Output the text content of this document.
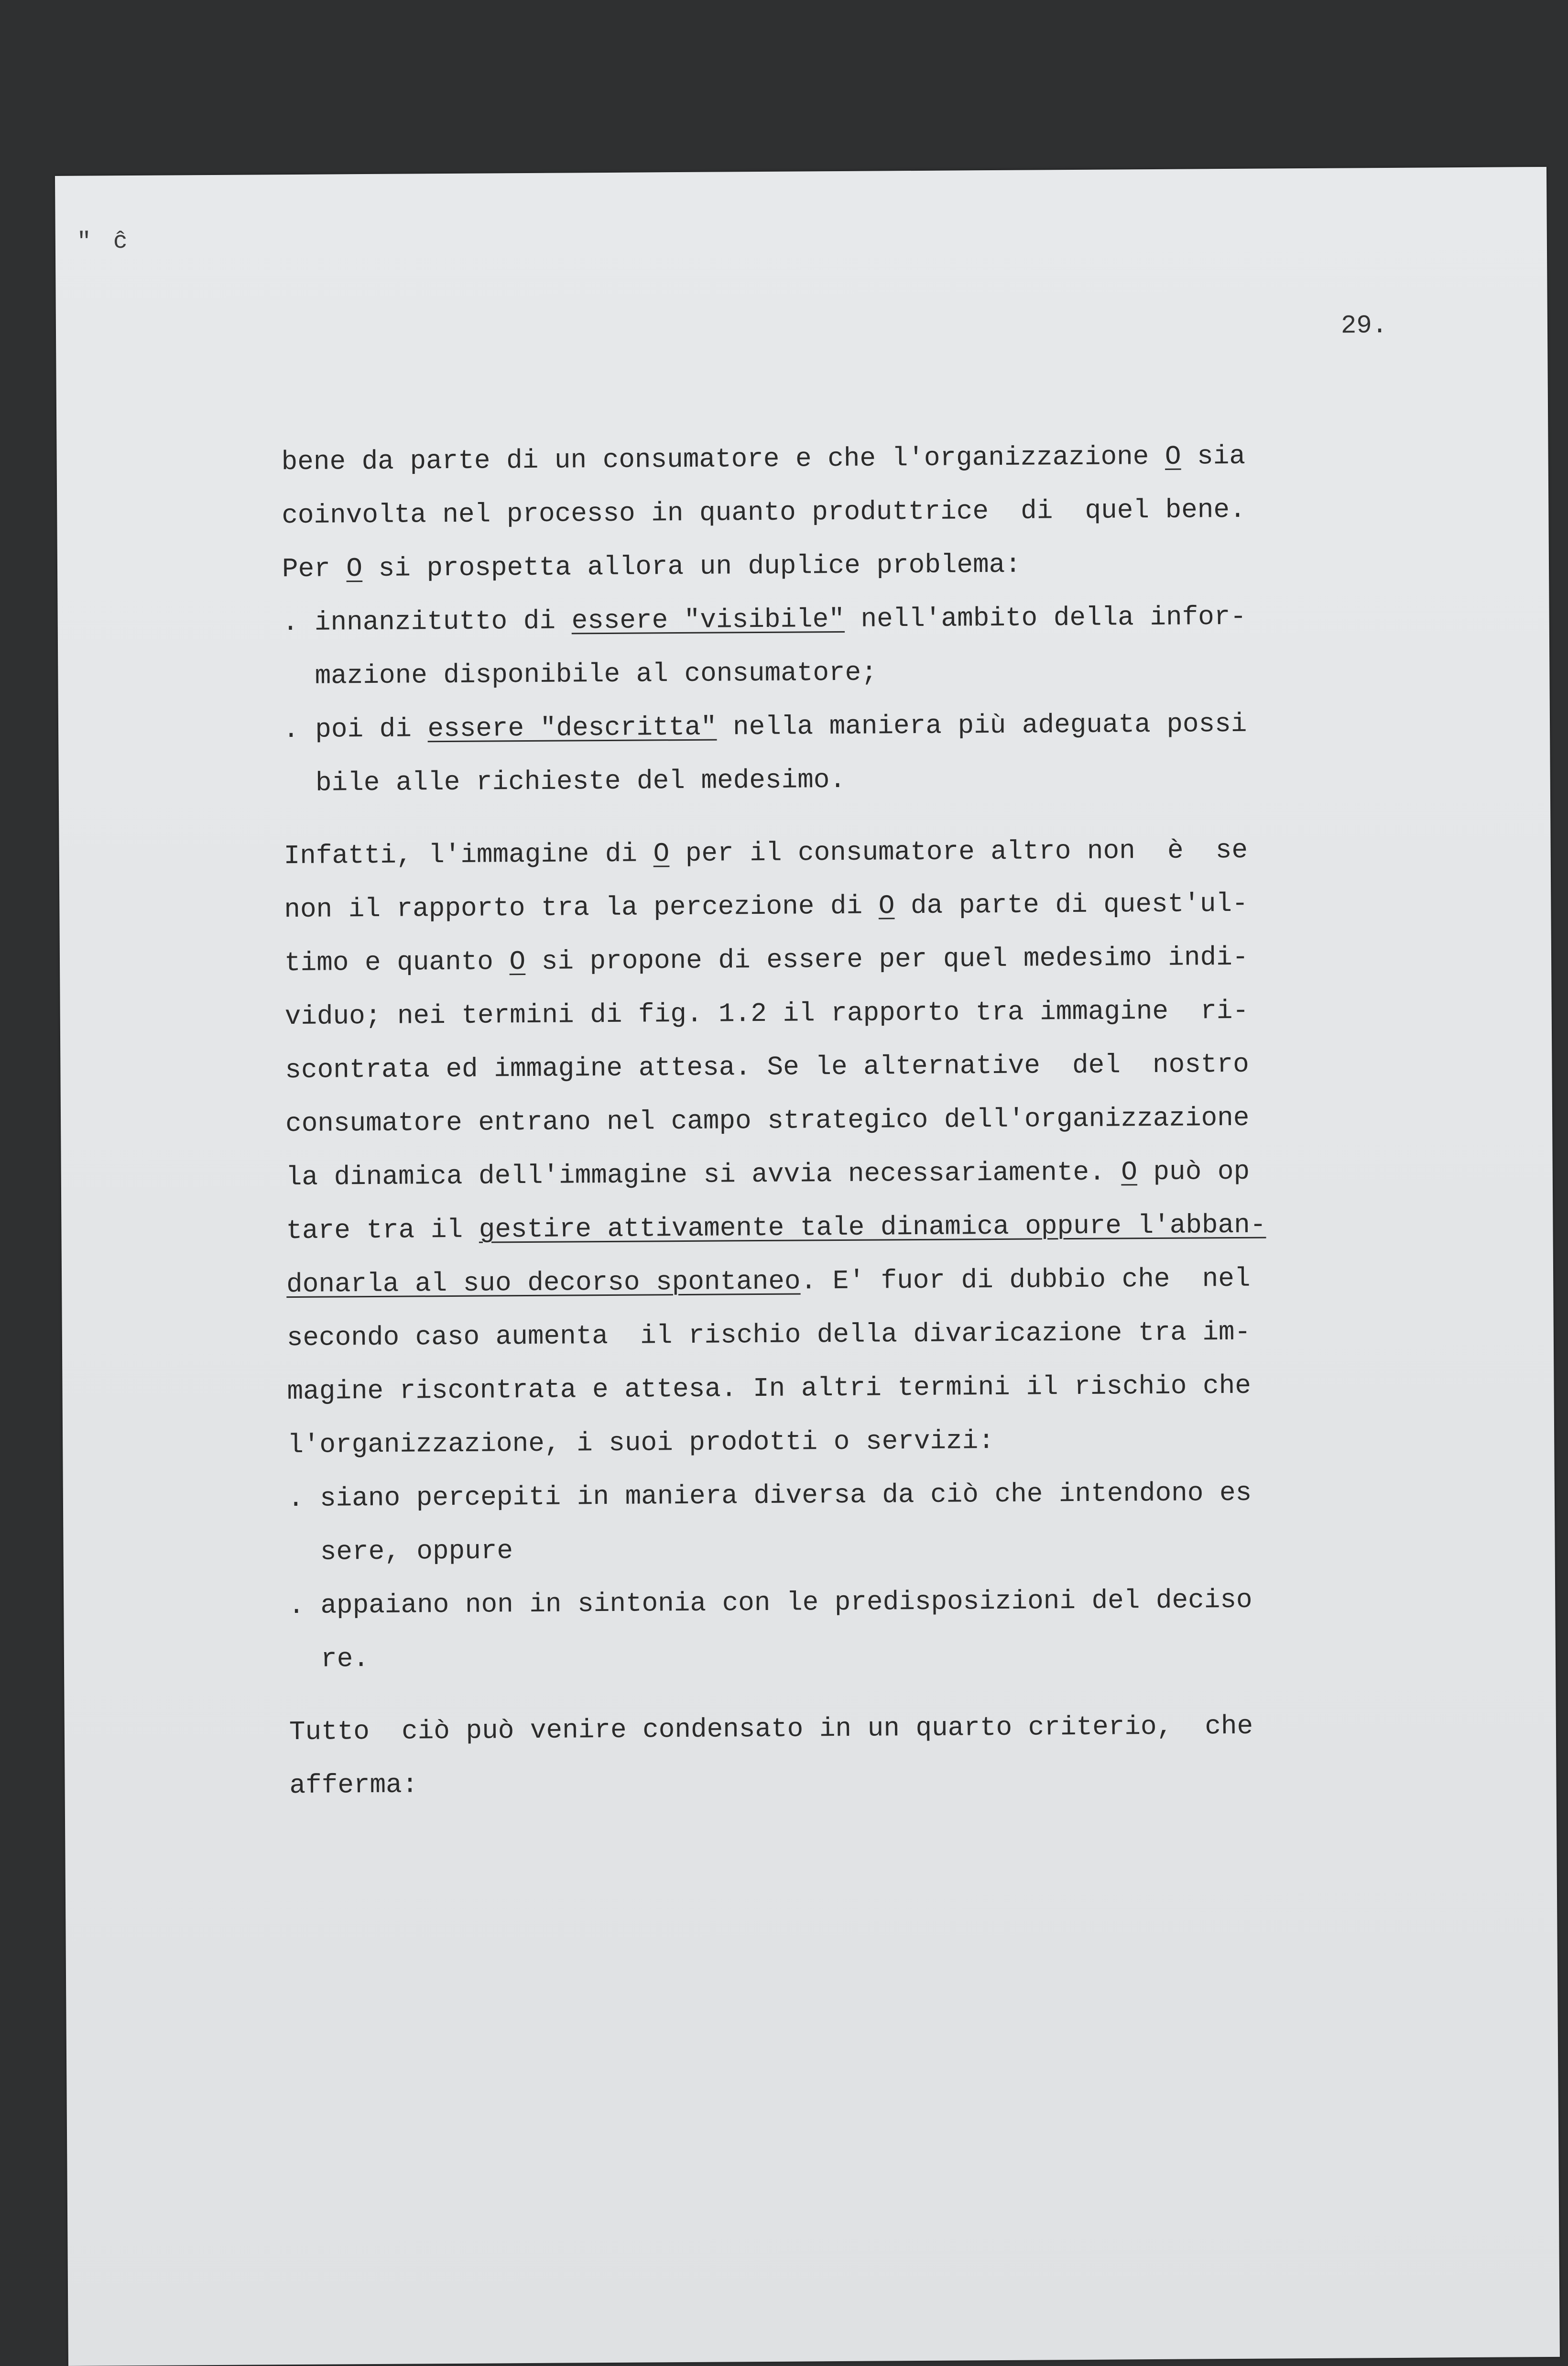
″ ĉ
29.
bene da parte di un consumatore e che l'organizzazione O sia
coinvolta nel processo in quanto produttrice  di  quel bene.
Per O si prospetta allora un duplice problema:
. innanzitutto di essere "visibile" nell'ambito della infor-
mazione disponibile al consumatore;
. poi di essere "descritta" nella maniera più adeguata possi
bile alle richieste del medesimo.
Infatti, l'immagine di O per il consumatore altro non  è  se
non il rapporto tra la percezione di O da parte di quest'ul-
timo e quanto O si propone di essere per quel medesimo indi-
viduo; nei termini di fig. 1.2 il rapporto tra immagine  ri-
scontrata ed immagine attesa. Se le alternative  del  nostro
consumatore entrano nel campo strategico dell'organizzazione
la dinamica dell'immagine si avvia necessariamente. O può op
tare tra il gestire attivamente tale dinamica oppure l'abban-
donarla al suo decorso spontaneo. E' fuor di dubbio che  nel
secondo caso aumenta  il rischio della divaricazione tra im-
magine riscontrata e attesa. In altri termini il rischio che
l'organizzazione, i suoi prodotti o servizi:
. siano percepiti in maniera diversa da ciò che intendono es
sere, oppure
. appaiano non in sintonia con le predisposizioni del deciso
re.
Tutto  ciò può venire condensato in un quarto criterio,  che
afferma:
